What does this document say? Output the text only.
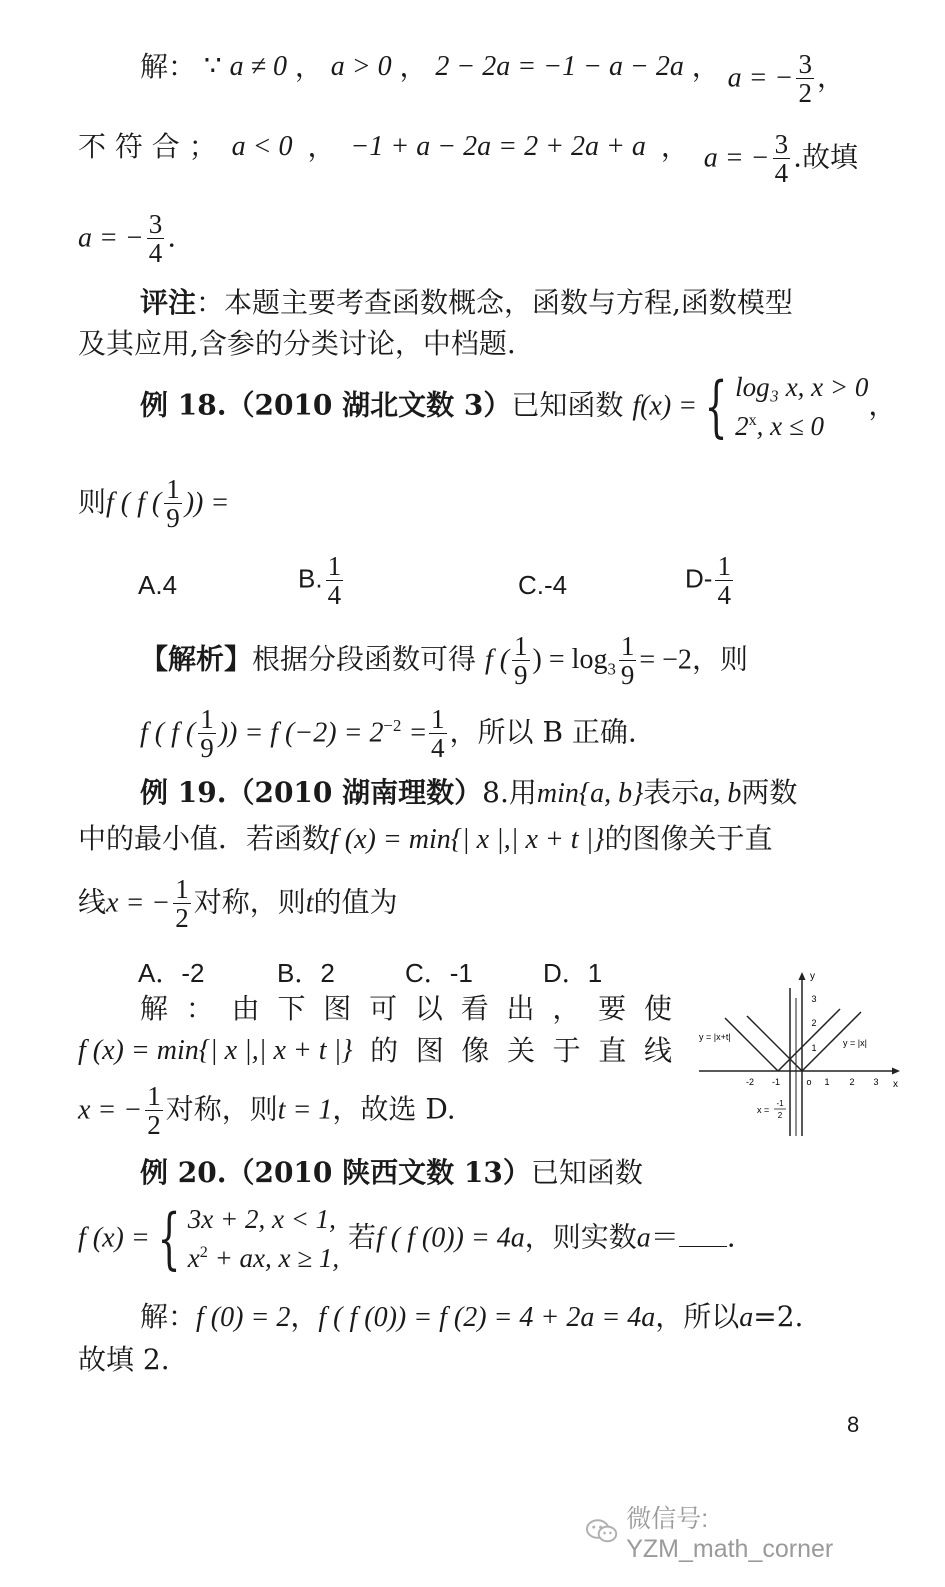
解： ∵ a ≠ 0 ， a > 0 ， 2 − 2a = −1 − a − 2a ， a = − $\frac{3}{2}$ ，
不 符 合 ； a < 0 ， −1 + a − 2a = 2 + 2a + a ， a = − $\frac{3}{4}$ .故填
a = − $\frac{3}{4}$ .
评注：本题主要考查函数概念，函数与方程,函数模型
及其应用,含参的分类讨论，中档题.
例 18.（2010 湖北文数 3）已知函数 f(x) = { log₃ x, x > 0
2$^x$, x ≤ 0
，
则f ( f ( $\frac{1}{9}$ )) =
A.4	B. $\frac{1}{4}$	C.-4	$D- \frac{1}{4}$
【解析】根据分段函数可得 f ( $\frac{1}{9}$ ) = $\log_3 \frac{1}{9} = -2$，则
f ( f ( $\frac{1}{9}$ )) = f $(-2) = 2^{-2} = \frac{1}{4}$ ，所以 B 正确.
例 19.（2010 湖南理数）8.用min{a, b}表示a, b两数
中的最小值．若函数f (x) = min{| x |,| x + t |}的图像关于直
线x = − $\frac{1}{2}$ 对称，则t的值为
A．-2	B．2	C．-1	D．1
解 ： 由 下 图 可 以 看 出 ， 要 使
f (x) = min{| x |,| x + t |} 的 图 像 关 于 直 线
x = − $\frac{1}{2}$ 对称，则t = 1，故选 D.
x
y
-2 -1	o 1 2 3
3
2
1
y = |x+t|
y = |x|
x =
-1
2
例 20.（2010 陕西文数 13）已知函数
f (x) = { 3x + 2, x < 1,
$x^2$ + ax, x ≥ 1,
若f ( f (0)) = 4a，则实数a＝ .
解：f (0) = 2，f ( f (0)) = f (2) = 4 + 2a = 4a，所以a=2.
故填 2.
8
微信号: YZM_math_corner
